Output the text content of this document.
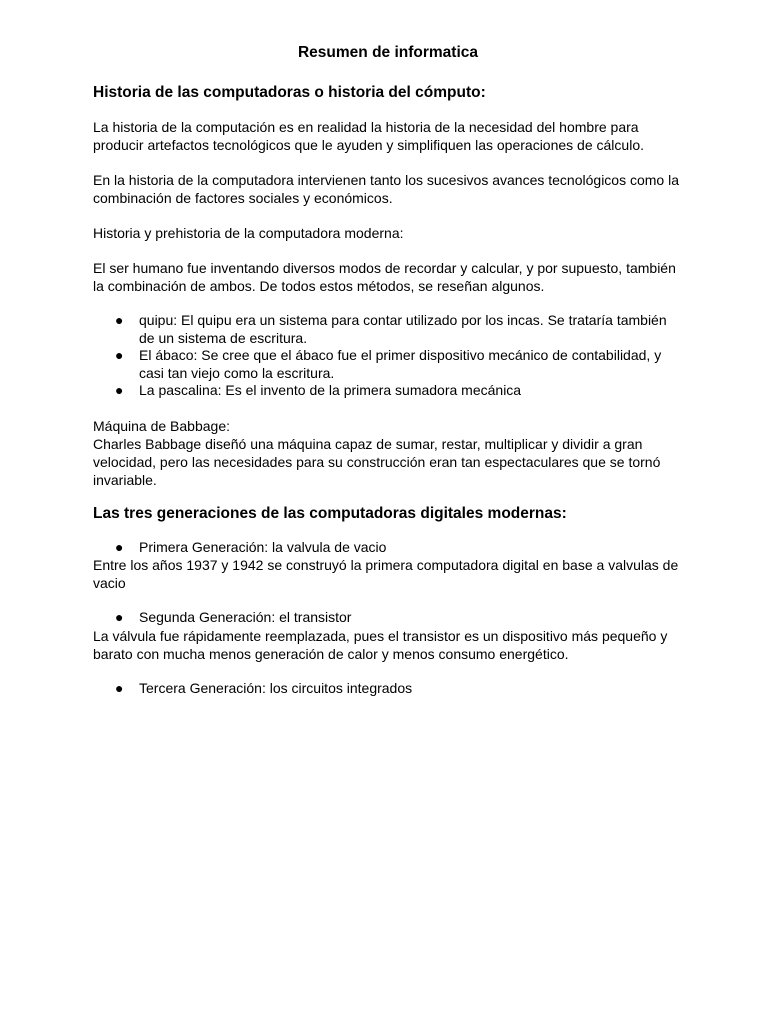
Resumen de informatica
Historia de las computadoras o historia del cómputo:

La historia de la computación es en realidad la historia de la necesidad del hombre para producir artefactos tecnológicos que le ayuden y simplifiquen las operaciones de cálculo.

En la historia de la computadora intervienen tanto los sucesivos avances tecnológicos como la combinación de factores sociales y económicos.

Historia y prehistoria de la computadora moderna:

El ser humano fue inventando diversos modos de recordar y calcular, y por supuesto, también la combinación de ambos. De todos estos métodos, se reseñan algunos.

● quipu: El quipu era un sistema para contar utilizado por los incas. Se trataría también de un sistema de escritura.
● El ábaco: Se cree que el ábaco fue el primer dispositivo mecánico de contabilidad, y casi tan viejo como la escritura.
● La pascalina: Es el invento de la primera sumadora mecánica

Máquina de Babbage:

Charles Babbage diseñó una máquina capaz de sumar, restar, multiplicar y dividir a gran velocidad, pero las necesidades para su construcción eran tan espectaculares que se tornó invariable.

Las tres generaciones de las computadoras digitales modernas:
● Primera Generación: la valvula de vacio

Entre los años 1937 y 1942 se construyó la primera computadora digital en base a valvulas de vacio

● Segunda Generación: el transistor

La válvula fue rápidamente reemplazada, pues el transistor es un dispositivo más pequeño y barato con mucha menos generación de calor y menos consumo energético.

● Tercera Generación: los circuitos integrados
